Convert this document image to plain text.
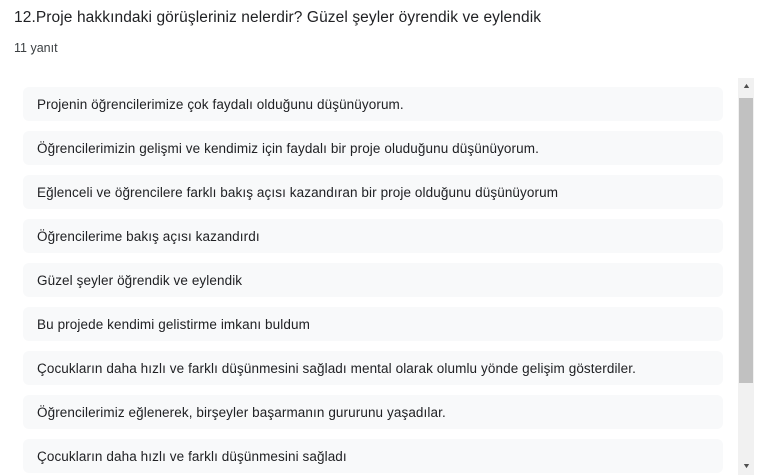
12.Proje hakkındaki görüşleriniz nelerdir? Güzel şeyler öyrendik ve eylendik
11 yanıt
Projenin öğrencilerimize çok faydalı olduğunu düşünüyorum.
Öğrencilerimizin gelişmi ve kendimiz için faydalı bir proje oluduğunu düşünüyorum.
Eğlenceli ve öğrencilere farklı bakış açısı kazandıran bir proje olduğunu düşünüyorum
Öğrencilerime bakış açısı kazandırdı
Güzel şeyler öğrendik ve eylendik
Bu projede kendimi gelistirme imkanı buldum
Çocukların daha hızlı ve farklı düşünmesini sağladı mental olarak olumlu yönde gelişim gösterdiler.
Öğrencilerimiz eğlenerek, birşeyler başarmanın gururunu yaşadılar.
Çocukların daha hızlı ve farklı düşünmesini sağladı
▲
▼
